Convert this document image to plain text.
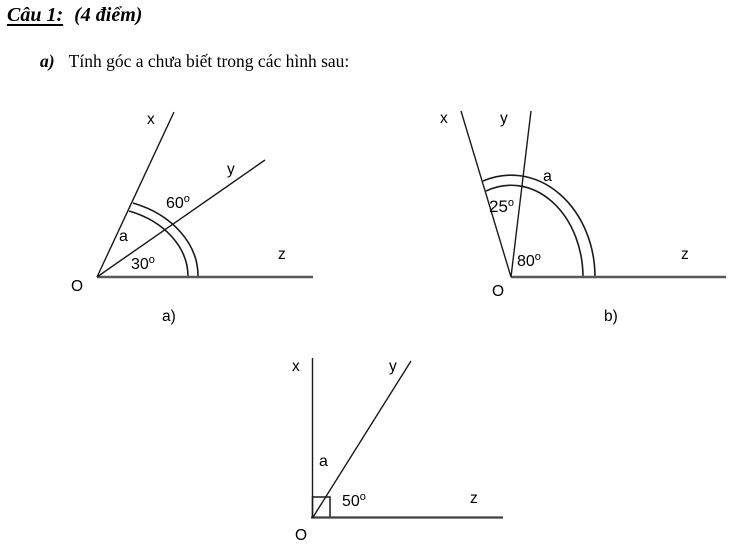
Câu 1: (4 điểm)
a) Tính góc a chưa biết trong các hình sau:
x
y
z
O
60$^o$
a
30$^o$
a)
x	y
z
O
25$^o$
a
80$^o$
b)
x	y
z
O
a
50$^o$
